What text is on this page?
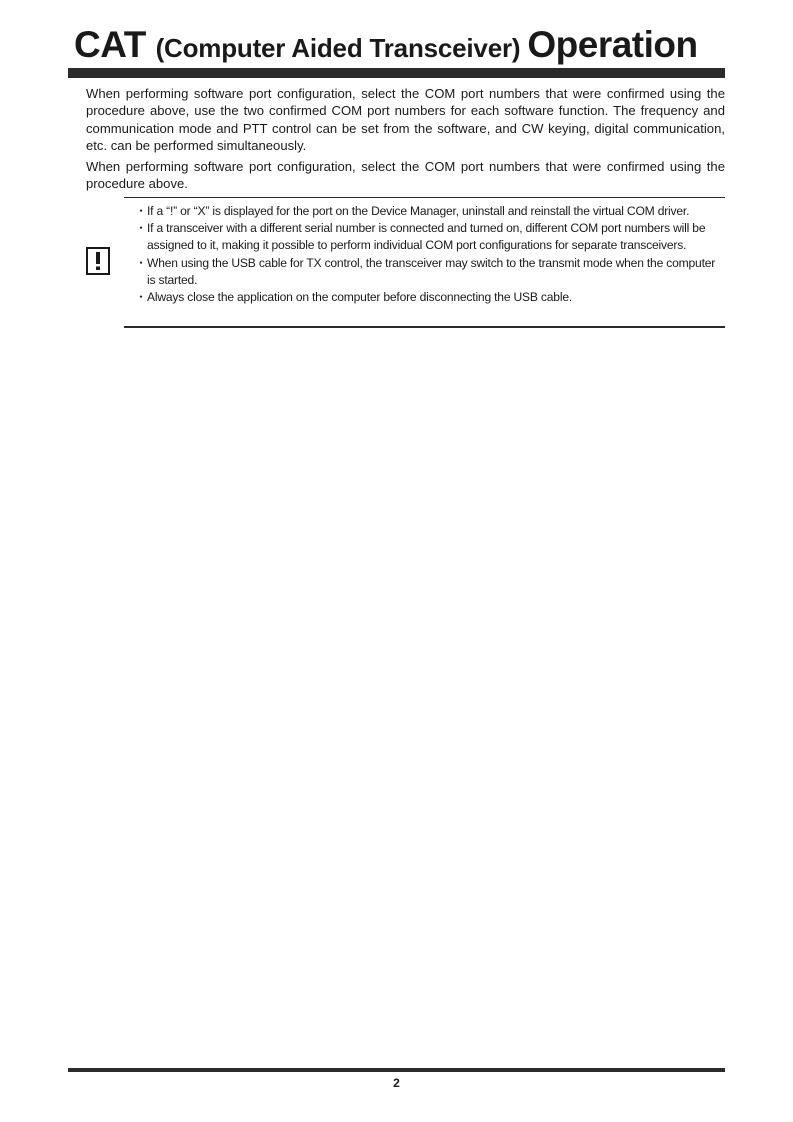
CAT (Computer Aided Transceiver) Operation

When performing software port configuration, select the COM port numbers that were confirmed using the procedure above, use the two confirmed COM port numbers for each software function. The frequency and communication mode and PTT control can be set from the software, and CW keying, digital communication, etc. can be performed simultaneously.

When performing software port configuration, select the COM port numbers that were confirmed using the procedure above.

・ If a “!” or “X” is displayed for the port on the Device Manager, uninstall and reinstall the virtual COM driver.
・ If a transceiver with a different serial number is connected and turned on, different COM port numbers will be assigned to it, making it possible to perform individual COM port configurations for separate transceivers.
・ When using the USB cable for TX control, the transceiver may switch to the transmit mode when the computer is started.
・ Always close the application on the computer before disconnecting the USB cable.
2
